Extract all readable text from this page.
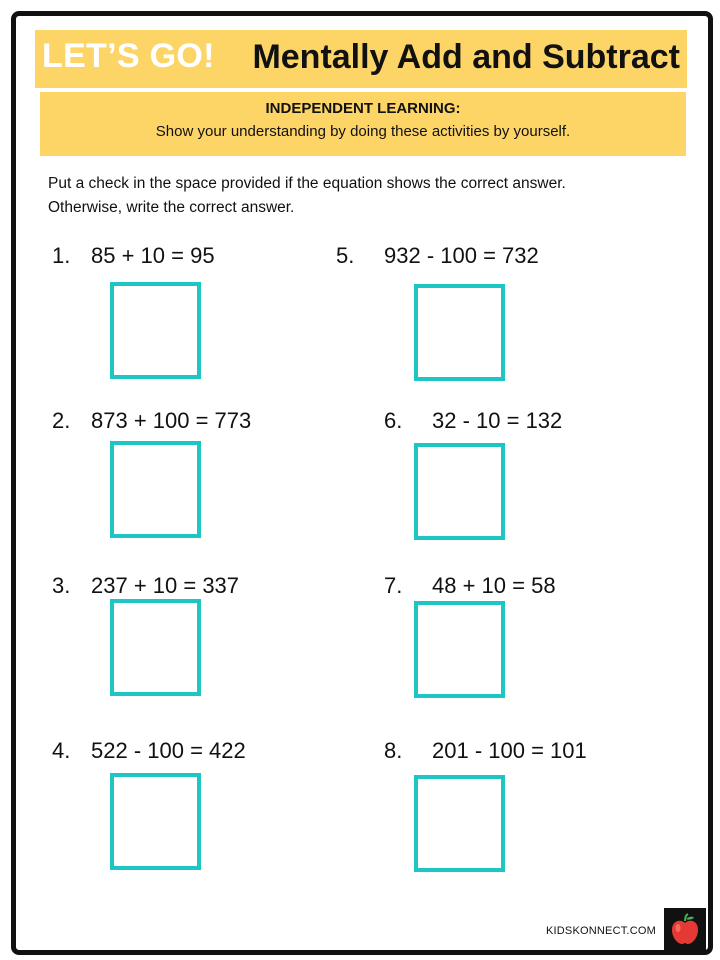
LET’S GO! Mentally Add and Subtract
INDEPENDENT LEARNING:
Show your understanding by doing these activities by yourself.
Put a check in the space provided if the equation shows the correct answer.
Otherwise, write the correct answer.
1. 85 + 10 = 95
2. 873 + 100 = 773
3. 237 + 10 = 337
4. 522 - 100 = 422
5. 932 - 100 = 732
6. 32 - 10 = 132
7. 48 + 10 = 58
8. 201 - 100 = 101
KIDSKONNECT.COM
